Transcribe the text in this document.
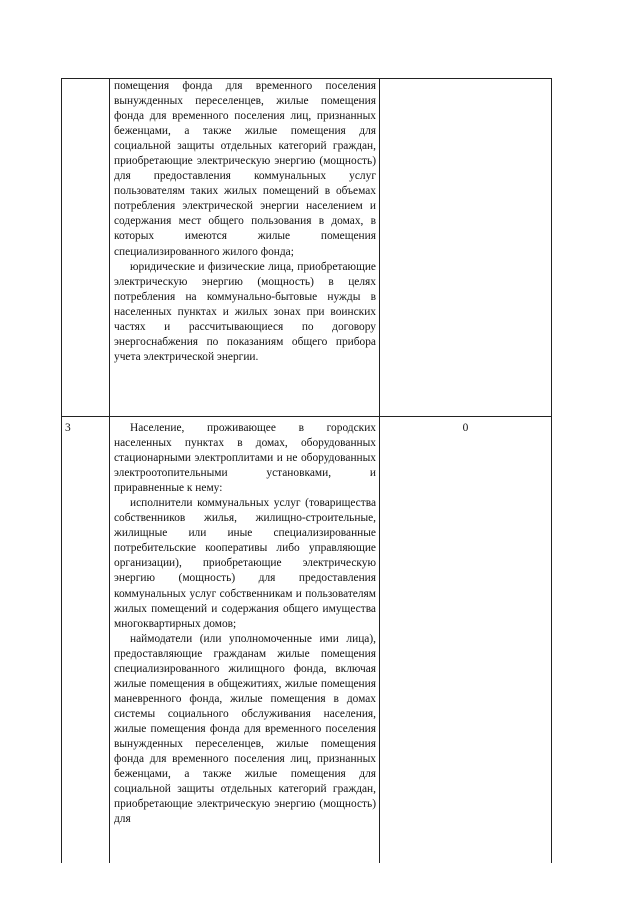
	помещения фонда для временного поселения вынужденных переселенцев, жилые помещения фонда для временного поселения лиц, признанных беженцами, а также жилые помещения для социальной защиты отдельных категорий граждан, приобретающие электрическую энергию (мощность) для предоставления коммунальных услуг пользователям таких жилых помещений в объемах потребления электрической энергии населением и содержания мест общего пользования в домах, в которых имеются жилые помещения специализированного жилого фонда;

юридические и физические лица, приобретающие электрическую энергию (мощность) в целях потребления на коммунально-бытовые нужды в населенных пунктах и жилых зонах при воинских частях и рассчитывающиеся по договору энергоснабжения по показаниям общего прибора учета электрической энергии.	

3	Население, проживающее в городских населенных пунктах в домах, оборудованных стационарными электроплитами и не оборудованных электроотопительными установками, и приравненные к нему:

исполнители коммунальных услуг (товарищества собственников жилья, жилищно-строительные, жилищные или иные специализированные потребительские кооперативы либо управляющие организации), приобретающие электрическую энергию (мощность) для предоставления коммунальных услуг собственникам и пользователям жилых помещений и содержания общего имущества многоквартирных домов;

наймодатели (или уполномоченные ими лица), предоставляющие гражданам жилые помещения специализированного жилищного фонда, включая жилые помещения в общежитиях, жилые помещения маневренного фонда, жилые помещения в домах системы социального обслуживания населения, жилые помещения фонда для временного поселения вынужденных переселенцев, жилые помещения фонда для временного поселения лиц, признанных беженцами, а также жилые помещения для социальной защиты отдельных категорий граждан, приобретающие электрическую энергию (мощность) для	0
